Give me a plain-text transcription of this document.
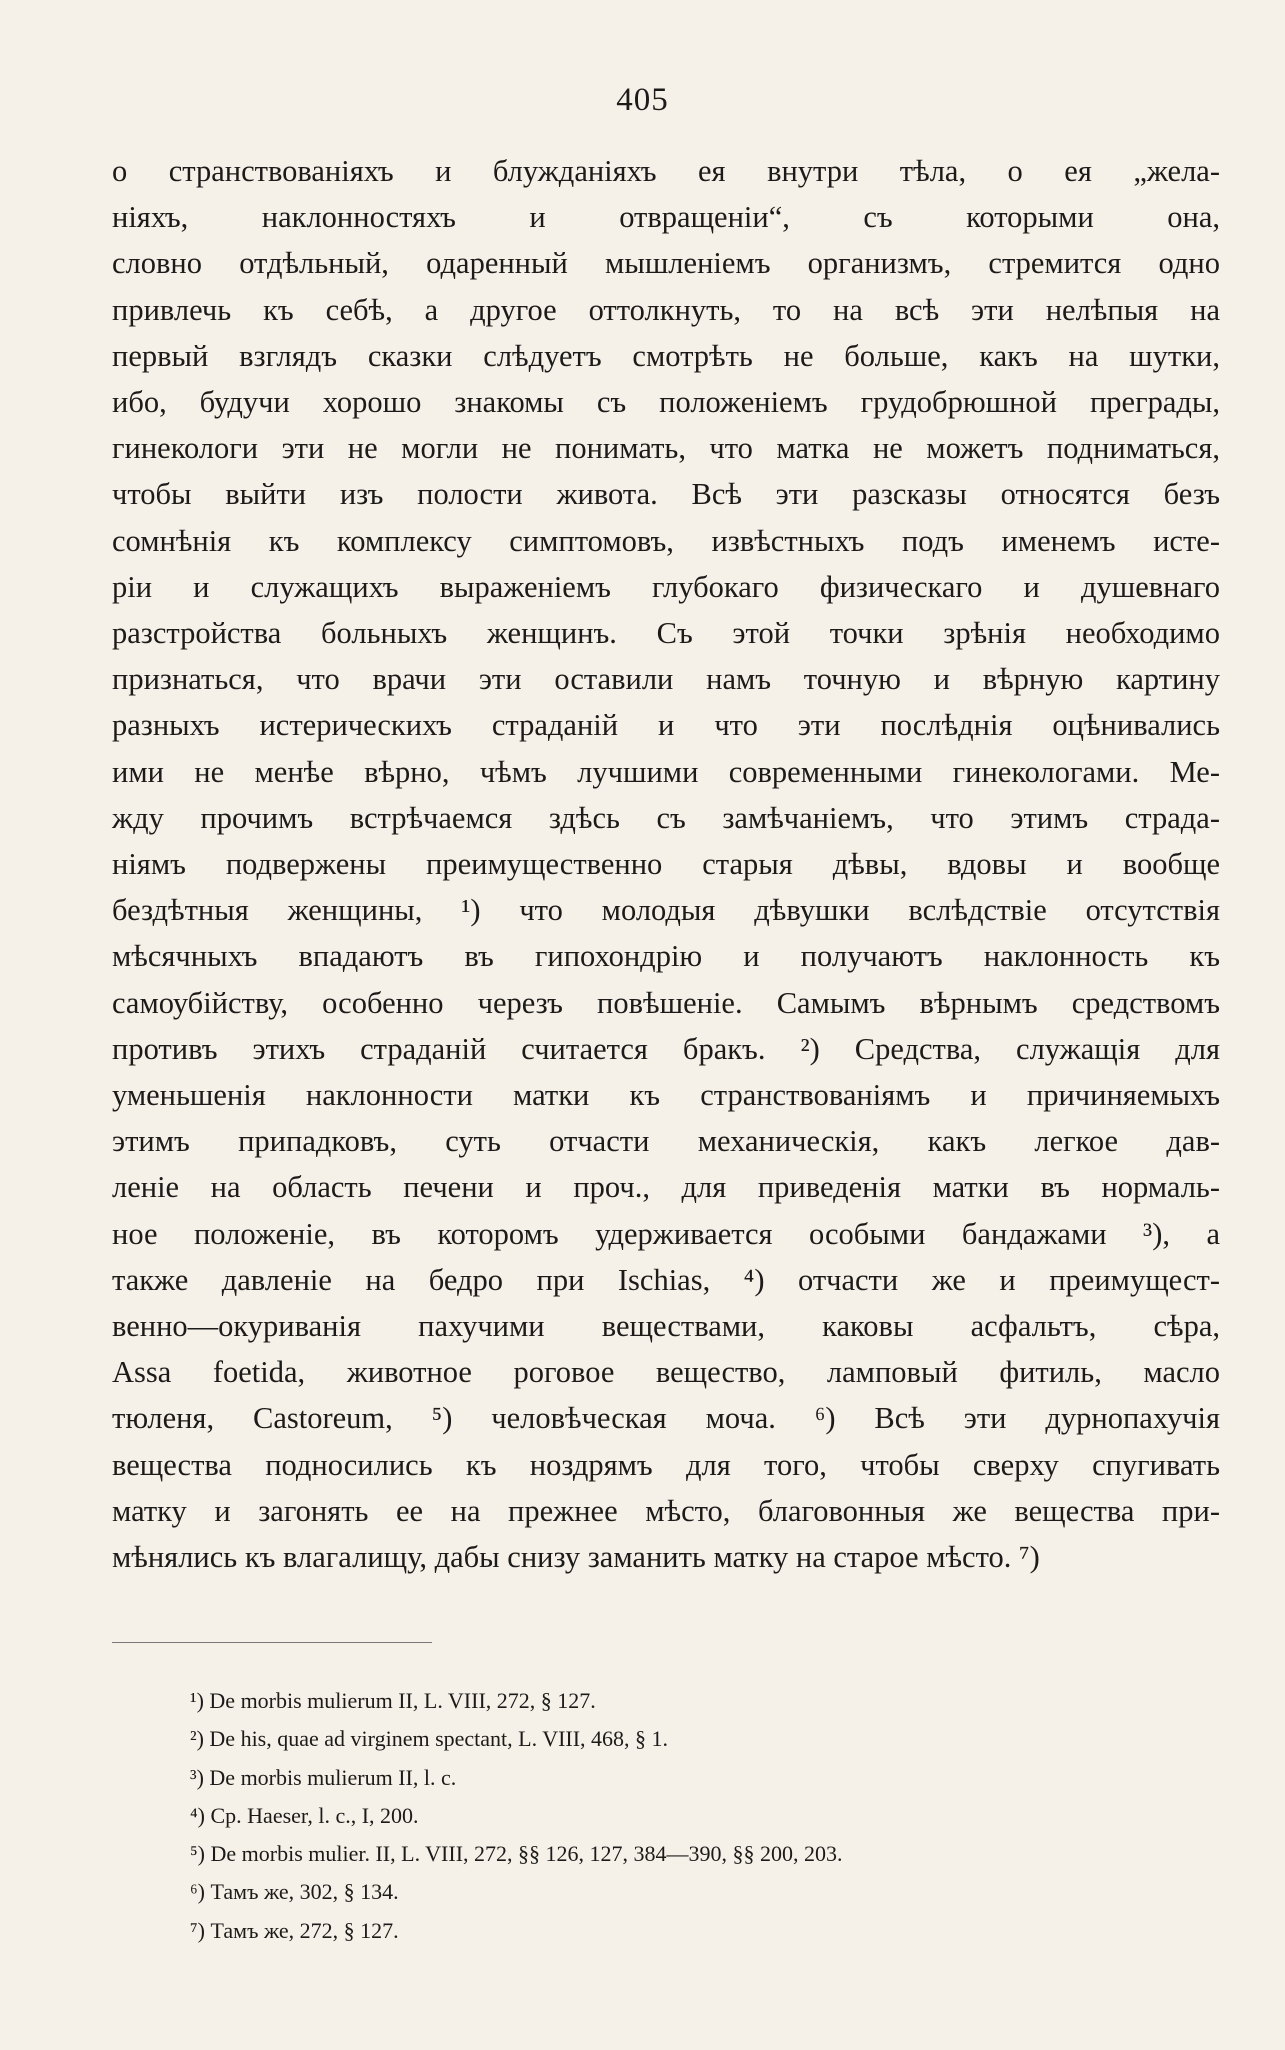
405
о странствованіяхъ и блужданіяхъ ея внутри тѣла, о ея „жела-
ніяхъ, наклонностяхъ и отвращеніи“, съ которыми она,
словно отдѣльный, одаренный мышленіемъ организмъ, стремится одно
привлечь къ себѣ, а другое оттолкнуть, то на всѣ эти нелѣпыя на
первый взглядъ сказки слѣдуетъ смотрѣть не больше, какъ на шутки,
ибо, будучи хорошо знакомы съ положеніемъ грудобрюшной преграды,
гинекологи эти не могли не понимать, что матка не можетъ подниматься,
чтобы выйти изъ полости живота. Всѣ эти разсказы относятся безъ
сомнѣнія къ комплексу симптомовъ, извѣстныхъ подъ именемъ исте-
ріи и служащихъ выраженіемъ глубокаго физическаго и душевнаго
разстройства больныхъ женщинъ. Съ этой точки зрѣнія необходимо
признаться, что врачи эти оставили намъ точную и вѣрную картину
разныхъ истерическихъ страданій и что эти послѣднія оцѣнивались
ими не менѣе вѣрно, чѣмъ лучшими современными гинекологами. Ме-
жду прочимъ встрѣчаемся здѣсь съ замѣчаніемъ, что этимъ страда-
ніямъ подвержены преимущественно старыя дѣвы, вдовы и вообще
бездѣтныя женщины, ¹) что молодыя дѣвушки вслѣдствіе отсутствія
мѣсячныхъ впадаютъ въ гипохондрію и получаютъ наклонность къ
самоубійству, особенно черезъ повѣшеніе. Самымъ вѣрнымъ средствомъ
противъ этихъ страданій считается бракъ. ²) Средства, служащія для
уменьшенія наклонности матки къ странствованіямъ и причиняемыхъ
этимъ припадковъ, суть отчасти механическія, какъ легкое дав-
леніе на область печени и проч., для приведенія матки въ нормаль-
ное положеніе, въ которомъ удерживается особыми бандажами ³), а
также давленіе на бедро при Ischias, ⁴) отчасти же и преимущест-
венно—окуриванія пахучими веществами, каковы асфальтъ, сѣра,
Assa foetida, животное роговое вещество, ламповый фитиль, масло
тюленя, Castoreum, ⁵) человѣческая моча. ⁶) Всѣ эти дурнопахучія
вещества подносились къ ноздрямъ для того, чтобы сверху спугивать
матку и загонять ее на прежнее мѣсто, благовонныя же вещества при-
мѣнялись къ влагалищу, дабы снизу заманить матку на старое мѣсто. ⁷)
¹) De morbis mulierum II, L. VIII, 272, § 127.
²) De his, quae ad virginem spectant, L. VIII, 468, § 1.
³) De morbis mulierum II, l. c.
⁴) Ср. Haeser, l. c., I, 200.
⁵) De morbis mulier. II, L. VIII, 272, §§ 126, 127, 384—390, §§ 200, 203.
⁶) Тамъ же, 302, § 134.
⁷) Тамъ же, 272, § 127.
